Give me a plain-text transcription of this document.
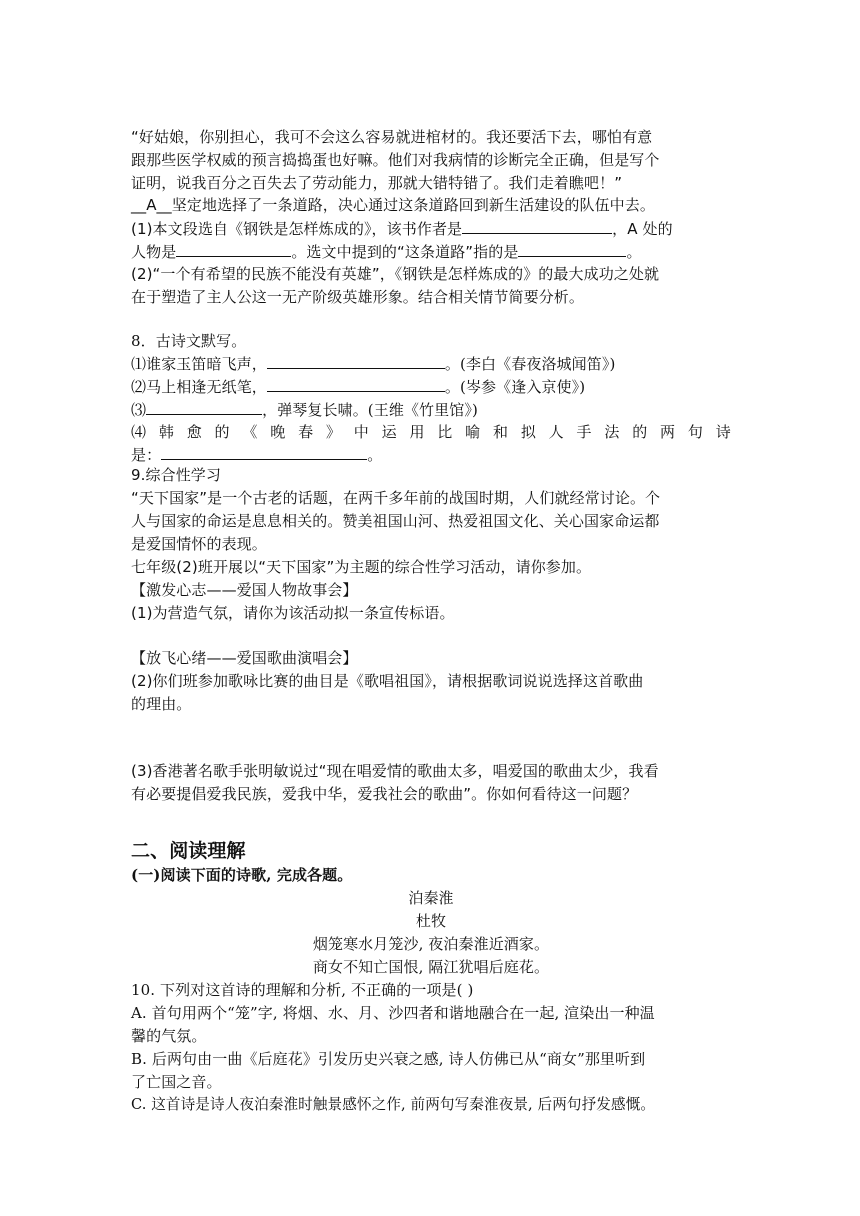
“好姑娘，你别担心，我可不会这么容易就进棺材的。我还要活下去，哪怕有意
跟那些医学权威的预言捣捣蛋也好嘛。他们对我病情的诊断完全正确，但是写个
证明，说我百分之百失去了劳动能力，那就大错特错了。我们走着瞧吧！”
__A__坚定地选择了一条道路，决心通过这条道路回到新生活建设的队伍中去。
(1)本文段选自《钢铁是怎样炼成的》，该书作者是	，A 处的
人物是	。选文中提到的“这条道路”指的是	。
(2)“一个有希望的民族不能没有英雄”，《钢铁是怎样炼成的》的最大成功之处就
在于塑造了主人公这一无产阶级英雄形象。结合相关情节简要分析。
8．古诗文默写。
⑴谁家玉笛暗飞声，	。(李白《春夜洛城闻笛》)
⑵马上相逢无纸笔，	。(岑参《逢入京使》)
⑶	，弹琴复长啸。(王维《竹里馆》)
⑷ 韩 愈 的 《 晚 春 》 中 运 用 比 喻 和 拟 人 手 法 的 两 句 诗
是：	。
9.综合性学习
“天下国家”是一个古老的话题，在两千多年前的战国时期，人们就经常讨论。个
人与国家的命运是息息相关的。赞美祖国山河、热爱祖国文化、关心国家命运都
是爱国情怀的表现。
七年级(2)班开展以“天下国家”为主题的综合性学习活动，请你参加。
【激发心志——爱国人物故事会】
(1)为营造气氛，请你为该活动拟一条宣传标语。
【放飞心绪——爱国歌曲演唱会】
(2)你们班参加歌咏比赛的曲目是《歌唱祖国》，请根据歌词说说选择这首歌曲
的理由。
(3)香港著名歌手张明敏说过“现在唱爱情的歌曲太多，唱爱国的歌曲太少，我看
有必要提倡爱我民族，爱我中华，爱我社会的歌曲”。你如何看待这一问题？
二、阅读理解
(一)阅读下面的诗歌, 完成各题。
泊秦淮
杜牧
烟笼寒水月笼沙, 夜泊秦淮近酒家。
商女不知亡国恨, 隔江犹唱后庭花。
10. 下列对这首诗的理解和分析, 不正确的一项是( )
A. 首句用两个“笼”字, 将烟、水、月、沙四者和谐地融合在一起, 渲染出一种温
馨的气氛。
B. 后两句由一曲《后庭花》引发历史兴衰之感, 诗人仿佛已从“商女”那里听到
了亡国之音。
C. 这首诗是诗人夜泊秦淮时触景感怀之作, 前两句写秦淮夜景, 后两句抒发感慨。
